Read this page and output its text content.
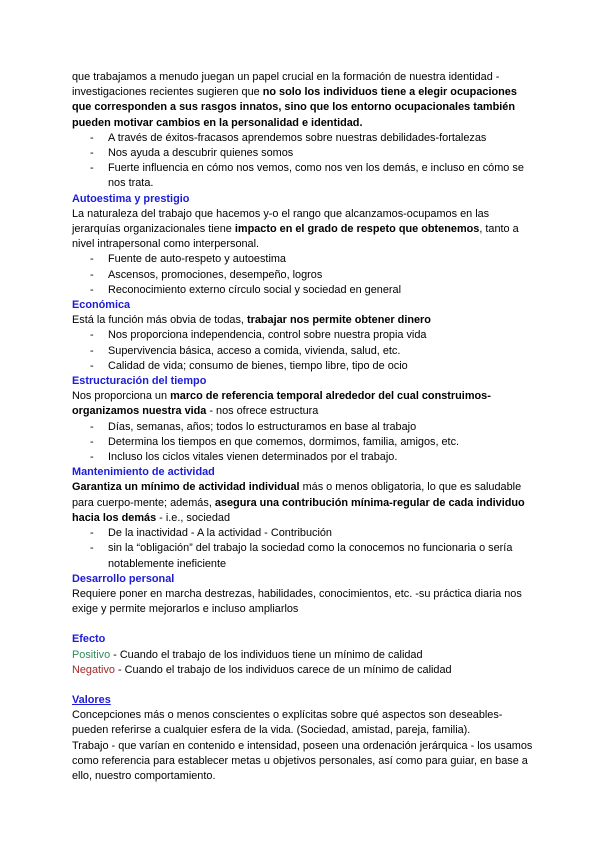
que trabajamos a menudo juegan un papel crucial en la formación de nuestra identidad - investigaciones recientes sugieren que no solo los individuos tiene a elegir ocupaciones que corresponden a sus rasgos innatos, sino que los entorno ocupacionales también pueden motivar cambios en la personalidad e identidad.

- A través de éxitos-fracasos aprendemos sobre nuestras debilidades-fortalezas
- Nos ayuda a descubrir quienes somos
- Fuerte influencia en cómo nos vemos, como nos ven los demás, e incluso en cómo se nos trata.

Autoestima y prestigio

La naturaleza del trabajo que hacemos y-o el rango que alcanzamos-ocupamos en las jerarquías organizacionales tiene impacto en el grado de respeto que obtenemos, tanto a nivel intrapersonal como interpersonal.

- Fuente de auto-respeto y autoestima
- Ascensos, promociones, desempeño, logros
- Reconocimiento externo círculo social y sociedad en general

Económica

Está la función más obvia de todas, trabajar nos permite obtener dinero

- Nos proporciona independencia, control sobre nuestra propia vida
- Supervivencia básica, acceso a comida, vivienda, salud, etc.
- Calidad de vida; consumo de bienes, tiempo libre, tipo de ocio

Estructuración del tiempo

Nos proporciona un marco de referencia temporal alrededor del cual construimos-organizamos nuestra vida - nos ofrece estructura

- Días, semanas, años; todos lo estructuramos en base al trabajo
- Determina los tiempos en que comemos, dormimos, familia, amigos, etc.
- Incluso los ciclos vitales vienen determinados por el trabajo.

Mantenimiento de actividad

Garantiza un mínimo de actividad individual más o menos obligatoria, lo que es saludable para cuerpo-mente; además, asegura una contribución mínima-regular de cada individuo hacia los demás - i.e., sociedad

- De la inactividad - A la actividad - Contribución
- sin la “obligación” del trabajo la sociedad como la conocemos no funcionaria o sería notablemente ineficiente

Desarrollo personal

Requiere poner en marcha destrezas, habilidades, conocimientos, etc. -su práctica diaria nos exige y permite mejorarlos e incluso ampliarlos

Efecto

Positivo - Cuando el trabajo de los individuos tiene un mínimo de calidad

Negativo - Cuando el trabajo de los individuos carece de un mínimo de calidad

Valores

Concepciones más o menos conscientes o explícitas sobre qué aspectos son deseables-pueden referirse a cualquier esfera de la vida. (Sociedad, amistad, pareja, familia).

Trabajo - que varían en contenido e intensidad, poseen una ordenación jerárquica - los usamos como referencia para establecer metas u objetivos personales, así como para guiar, en base a ello, nuestro comportamiento.
